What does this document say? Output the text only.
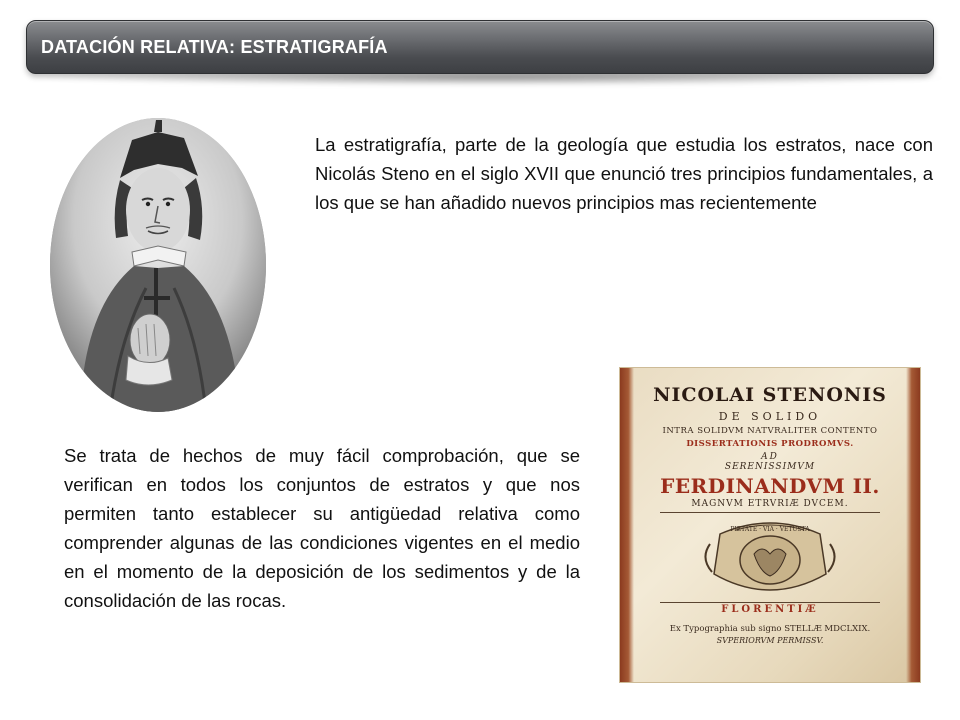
DATACIÓN RELATIVA: ESTRATIGRAFÍA

La estratigrafía, parte de la geología que estudia los estratos, nace con Nicolás Steno en el siglo XVII que enunció tres principios fundamentales, a los que se han añadido nuevos principios mas recientemente

Se trata de hechos de muy fácil comprobación, que se verifican en todos los conjuntos de estratos y que nos permiten tanto establecer su antigüedad relativa como comprender algunas de las condiciones vigentes en el medio en el momento de la deposición de los sedimentos y de la consolidación de las rocas.

NICOLAI STENONIS
DE SOLIDO
INTRA SOLIDVM NATVRALITER CONTENTO
DISSERTATIONIS PRODROMVS.
AD
SERENISSIMVM
FERDINANDVM II.
MAGNVM ETRVRIÆ DVCEM.
PIETATE · VIA · VETUSTA
FLORENTIÆ
Ex Typographia sub signo STELLÆ MDCLXIX.
SVPERIORVM PERMISSV.
